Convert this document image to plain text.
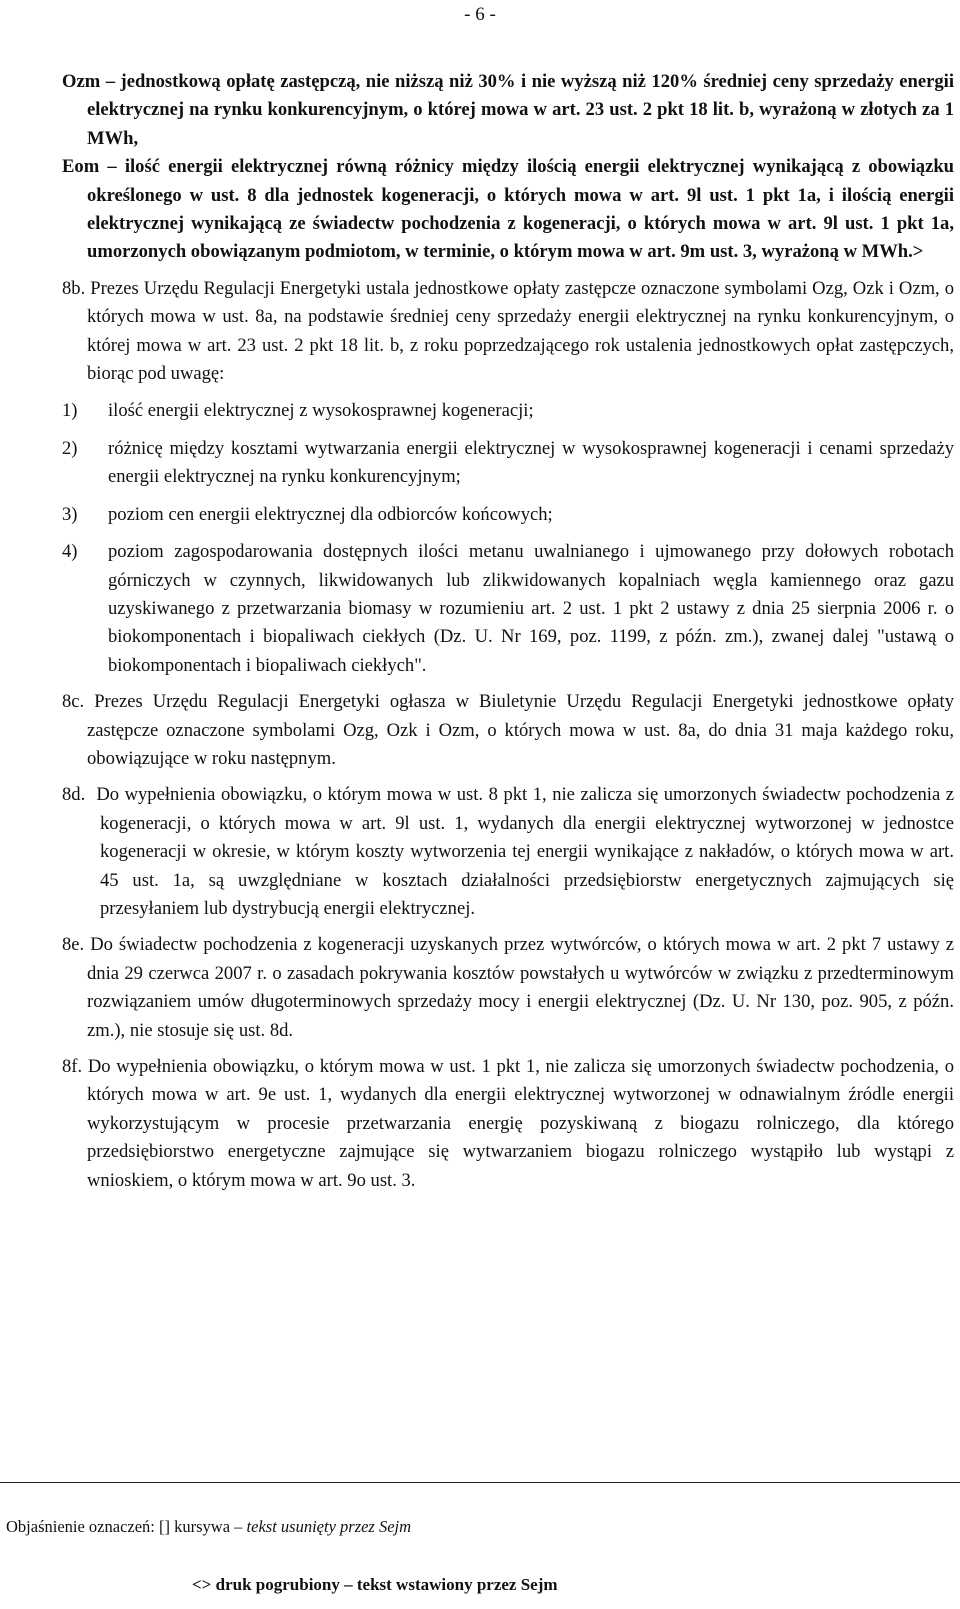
- 6 -

Ozm – jednostkową opłatę zastępczą, nie niższą niż 30% i nie wyższą niż 120% średniej ceny sprzedaży energii elektrycznej na rynku konkurencyjnym, o której mowa w art. 23 ust. 2 pkt 18 lit. b, wyrażoną w złotych za 1 MWh,

Eom – ilość energii elektrycznej równą różnicy między ilością energii elektrycznej wynikającą z obowiązku określonego w ust. 8 dla jednostek kogeneracji, o których mowa w art. 9l ust. 1 pkt 1a, i ilością energii elektrycznej wynikającą ze świadectw pochodzenia z kogeneracji, o których mowa w art. 9l ust. 1 pkt 1a, umorzonych obowiązanym podmiotom, w terminie, o którym mowa w art. 9m ust. 3, wyrażoną w MWh.>

8b. Prezes Urzędu Regulacji Energetyki ustala jednostkowe opłaty zastępcze oznaczone symbolami Ozg, Ozk i Ozm, o których mowa w ust. 8a, na podstawie średniej ceny sprzedaży energii elektrycznej na rynku konkurencyjnym, o której mowa w art. 23 ust. 2 pkt 18 lit. b, z roku poprzedzającego rok ustalenia jednostkowych opłat zastępczych, biorąc pod uwagę:

1) ilość energii elektrycznej z wysokosprawnej kogeneracji;
2) różnicę między kosztami wytwarzania energii elektrycznej w wysokosprawnej kogeneracji i cenami sprzedaży energii elektrycznej na rynku konkurencyjnym;
3) poziom cen energii elektrycznej dla odbiorców końcowych;
4) poziom zagospodarowania dostępnych ilości metanu uwalnianego i ujmowanego przy dołowych robotach górniczych w czynnych, likwidowanych lub zlikwidowanych kopalniach węgla kamiennego oraz gazu uzyskiwanego z przetwarzania biomasy w rozumieniu art. 2 ust. 1 pkt 2 ustawy z dnia 25 sierpnia 2006 r. o biokomponentach i biopaliwach ciekłych (Dz. U. Nr 169, poz. 1199, z późn. zm.), zwanej dalej "ustawą o biokomponentach i biopaliwach ciekłych".

8c. Prezes Urzędu Regulacji Energetyki ogłasza w Biuletynie Urzędu Regulacji Energetyki jednostkowe opłaty zastępcze oznaczone symbolami Ozg, Ozk i Ozm, o których mowa w ust. 8a, do dnia 31 maja każdego roku, obowiązujące w roku następnym.

8d. Do wypełnienia obowiązku, o którym mowa w ust. 8 pkt 1, nie zalicza się umorzonych świadectw pochodzenia z kogeneracji, o których mowa w art. 9l ust. 1, wydanych dla energii elektrycznej wytworzonej w jednostce kogeneracji w okresie, w którym koszty wytworzenia tej energii wynikające z nakładów, o których mowa w art. 45 ust. 1a, są uwzględniane w kosztach działalności przedsiębiorstw energetycznych zajmujących się przesyłaniem lub dystrybucją energii elektrycznej.

8e. Do świadectw pochodzenia z kogeneracji uzyskanych przez wytwórców, o których mowa w art. 2 pkt 7 ustawy z dnia 29 czerwca 2007 r. o zasadach pokrywania kosztów powstałych u wytwórców w związku z przedterminowym rozwiązaniem umów długoterminowych sprzedaży mocy i energii elektrycznej (Dz. U. Nr 130, poz. 905, z późn. zm.), nie stosuje się ust. 8d.

8f. Do wypełnienia obowiązku, o którym mowa w ust. 1 pkt 1, nie zalicza się umorzonych świadectw pochodzenia, o których mowa w art. 9e ust. 1, wydanych dla energii elektrycznej wytworzonej w odnawialnym źródle energii wykorzystującym w procesie przetwarzania energię pozyskiwaną z biogazu rolniczego, dla którego przedsiębiorstwo energetyczne zajmujące się wytwarzaniem biogazu rolniczego wystąpiło lub wystąpi z wnioskiem, o którym mowa w art. 9o ust. 3.

Objaśnienie oznaczeń: [] kursywa – tekst usunięty przez Sejm
<> druk pogrubiony – tekst wstawiony przez Sejm
